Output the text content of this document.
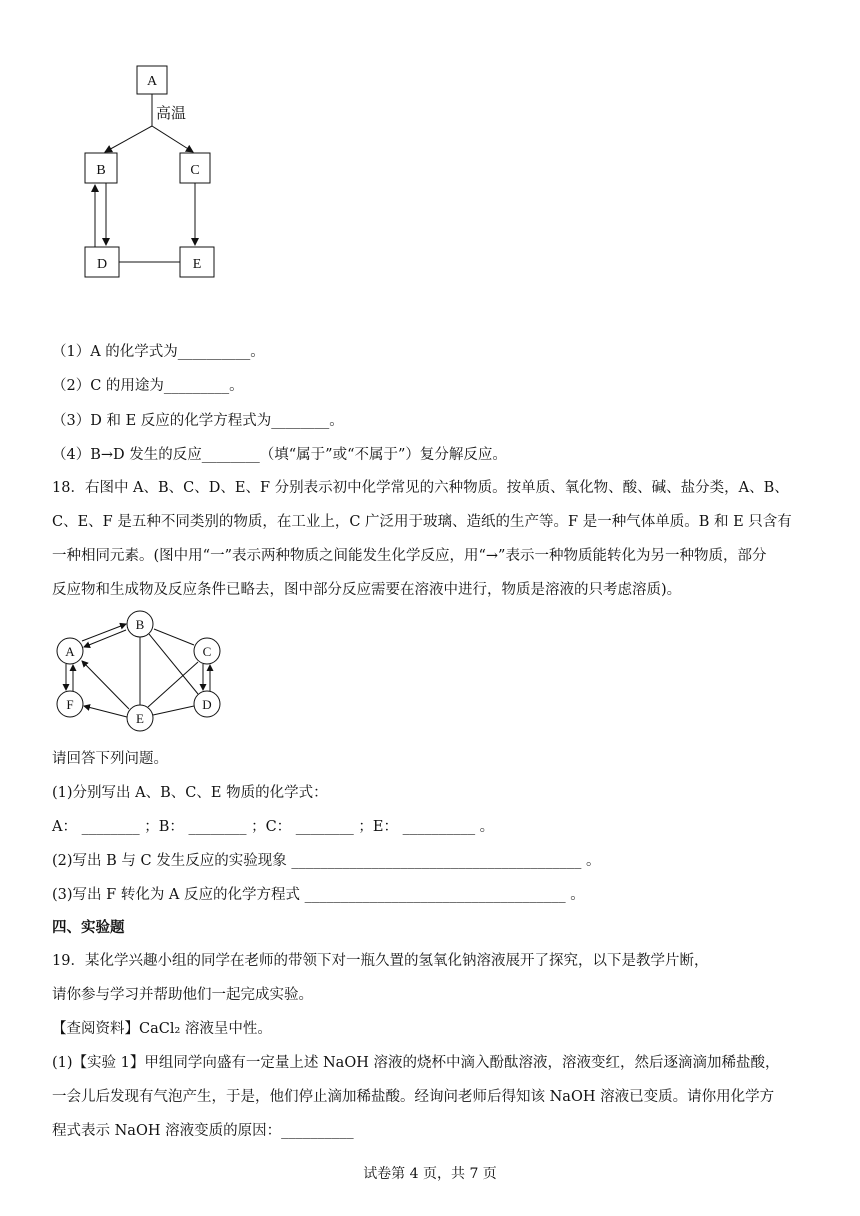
A
高温
B	C
D	E
（1）A 的化学式为__________。
（2）C 的用途为_________。
（3）D 和 E 反应的化学方程式为________。
（4）B→D 发生的反应________（填“属于”或“不属于”）复分解反应。
18．右图中 A、B、C、D、E、F 分别表示初中化学常见的六种物质。按单质、氧化物、酸、碱、盐分类，A、B、
C、E、F 是五种不同类别的物质，在工业上，C 广泛用于玻璃、造纸的生产等。F 是一种气体单质。B 和 E 只含有
一种相同元素。(图中用“一”表示两种物质之间能发生化学反应，用“→”表示一种物质能转化为另一种物质，部分
反应物和生成物及反应条件已略去，图中部分反应需要在溶液中进行，物质是溶液的只考虑溶质)。
A
B
C
D
E
F
请回答下列问题。
(1)分别写出 A、B、C、E 物质的化学式：
A： ________ ；B： ________ ；C： ________ ；E： __________ 。
(2)写出 B 与 C 发生反应的实验现象 ________________________________________ 。
(3)写出 F 转化为 A 反应的化学方程式 ____________________________________ 。
四、实验题
19．某化学兴趣小组的同学在老师的带领下对一瓶久置的氢氧化钠溶液展开了探究，以下是教学片断，
请你参与学习并帮助他们一起完成实验。
【查阅资料】CaCl₂ 溶液呈中性。
(1)【实验 1】甲组同学向盛有一定量上述 NaOH 溶液的烧杯中滴入酚酞溶液，溶液变红，然后逐滴滴加稀盐酸，
一会儿后发现有气泡产生，于是，他们停止滴加稀盐酸。经询问老师后得知该 NaOH 溶液已变质。请你用化学方
程式表示 NaOH 溶液变质的原因：__________
试卷第 4 页，共 7 页
